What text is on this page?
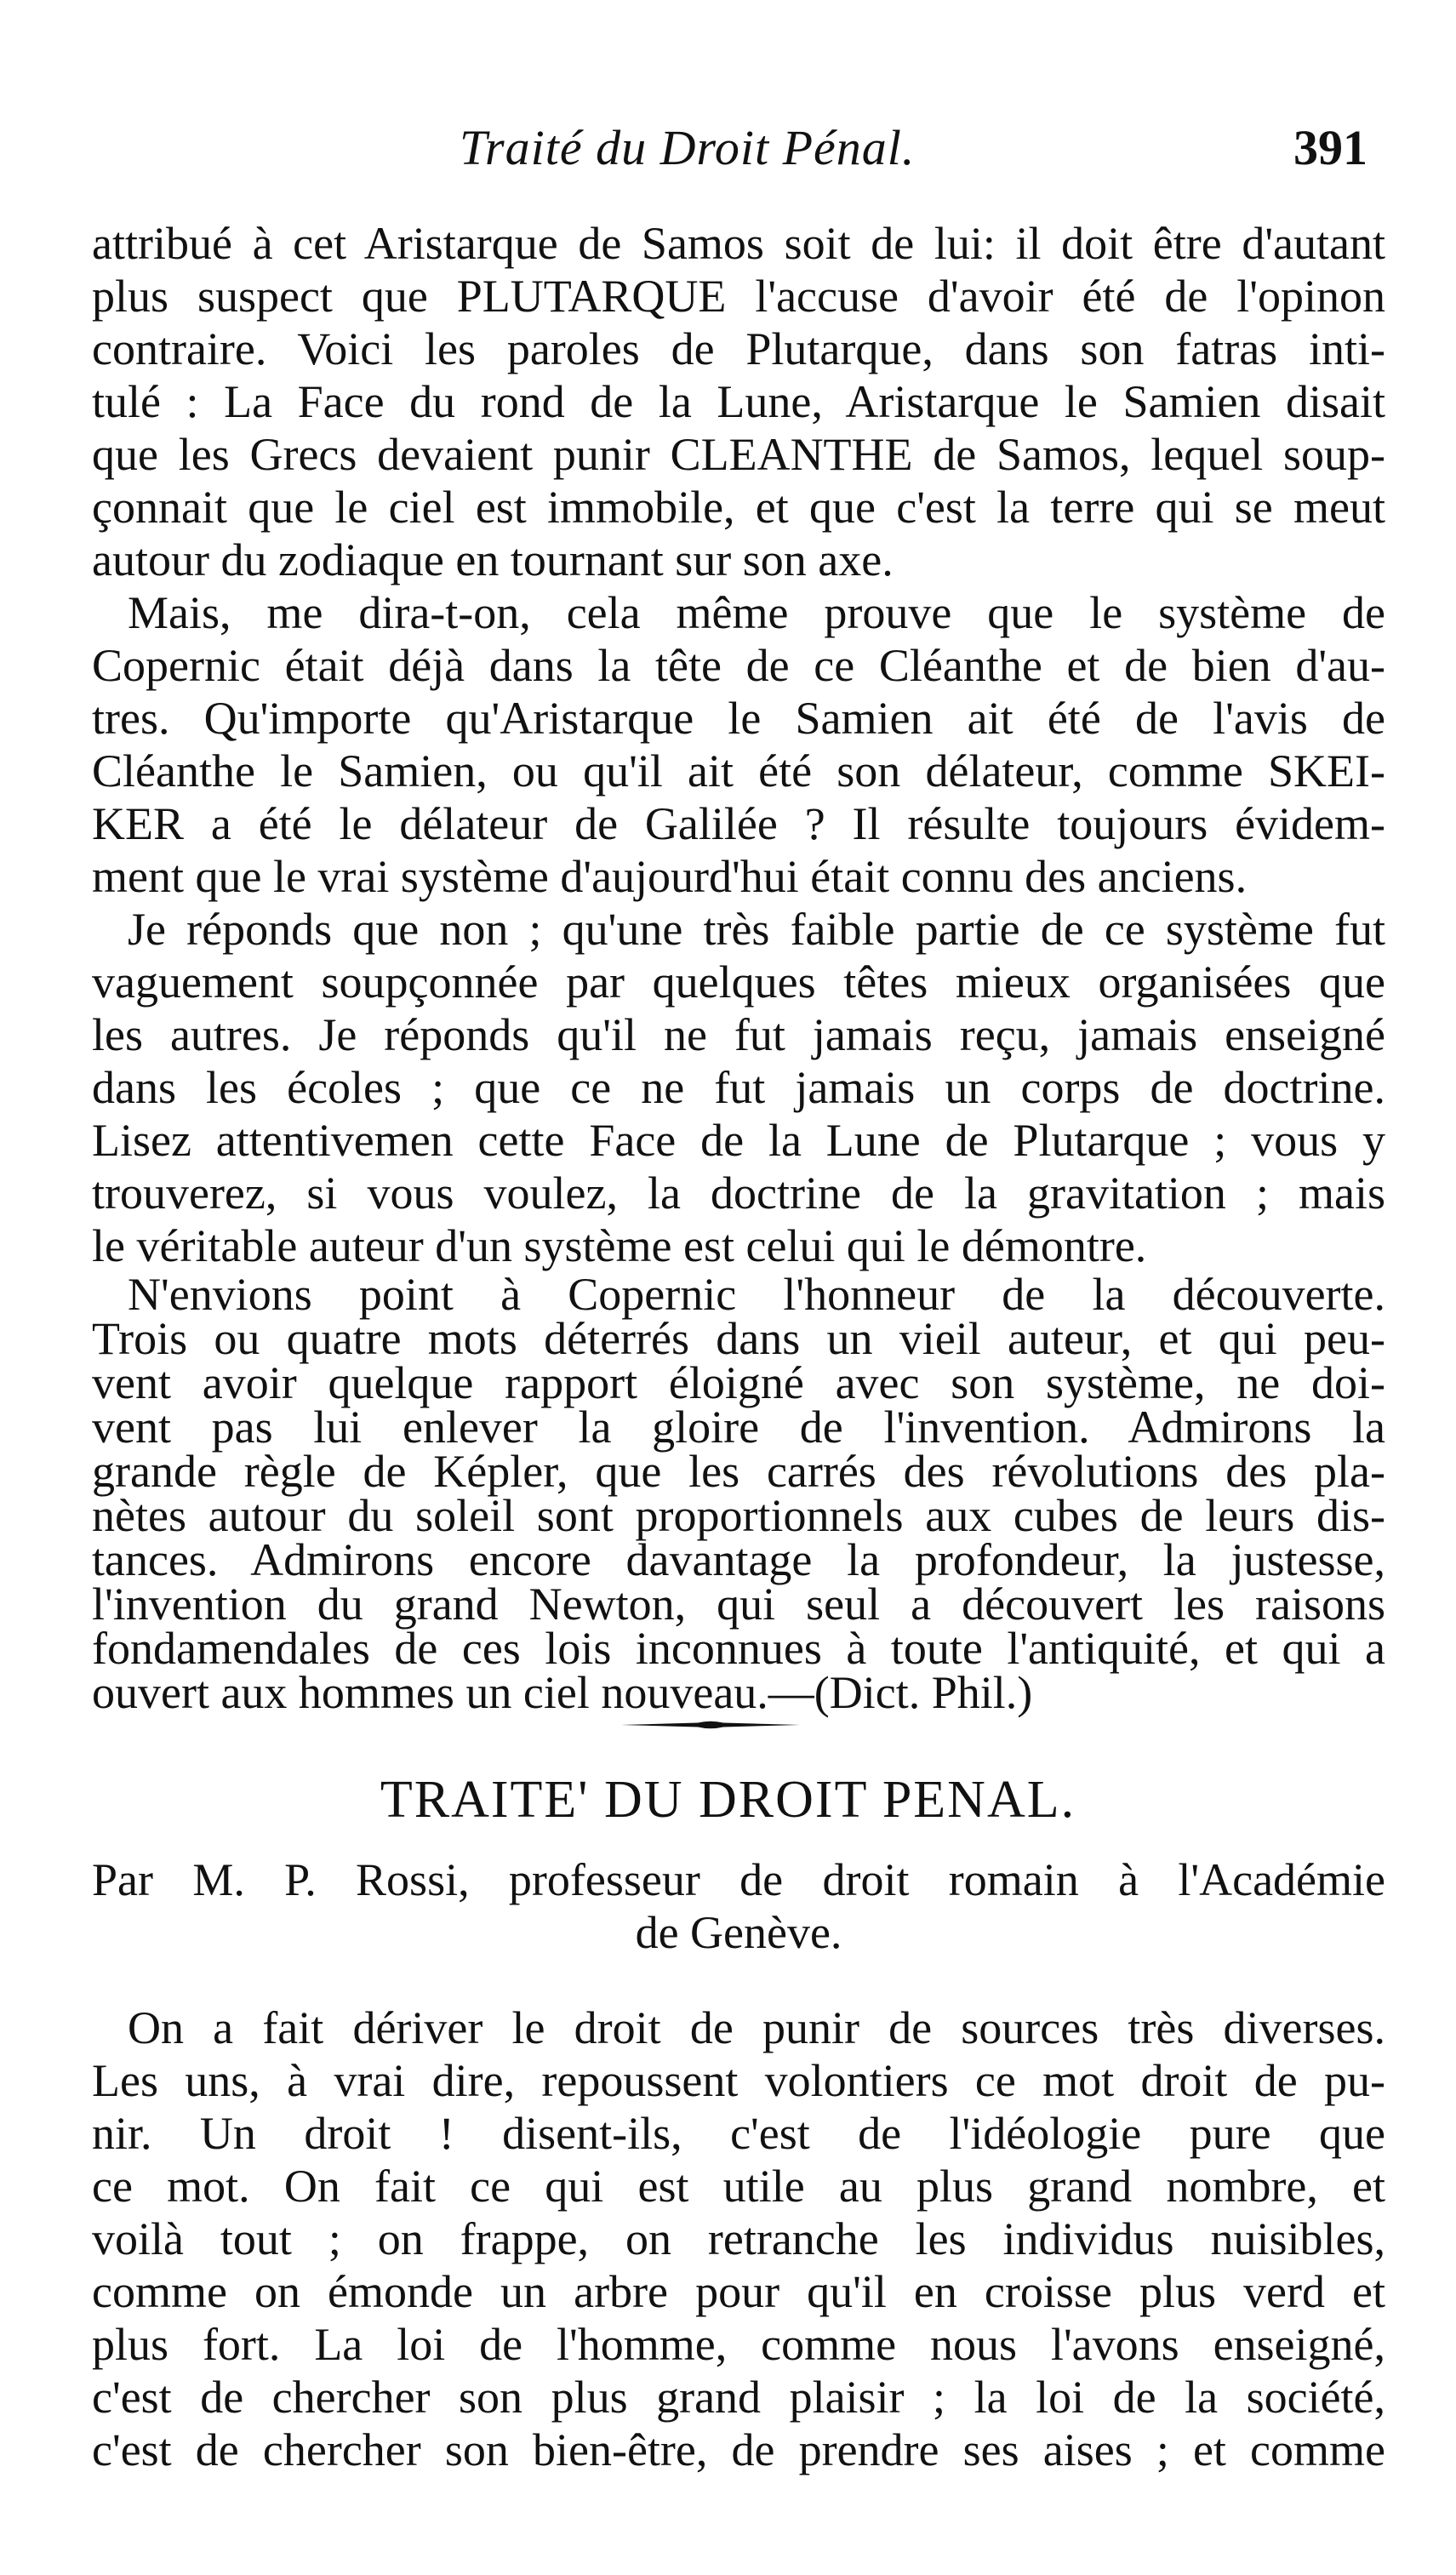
Traité du Droit Pénal.	391
attribué à cet Aristarque de Samos soit de lui: il doit être d'autant
plus suspect que PLUTARQUE l'accuse d'avoir été de l'opinon
contraire. Voici les paroles de Plutarque, dans son fatras inti-
tulé : La Face du rond de la Lune, Aristarque le Samien disait
que les Grecs devaient punir CLEANTHE de Samos, lequel soup-
çonnait que le ciel est immobile, et que c'est la terre qui se meut
autour du zodiaque en tournant sur son axe.
Mais, me dira-t-on, cela même prouve que le système de
Copernic était déjà dans la tête de ce Cléanthe et de bien d'au-
tres. Qu'importe qu'Aristarque le Samien ait été de l'avis de
Cléanthe le Samien, ou qu'il ait été son délateur, comme SKEI-
KER a été le délateur de Galilée ? Il résulte toujours évidem-
ment que le vrai système d'aujourd'hui était connu des anciens.
Je réponds que non ; qu'une très faible partie de ce système fut
vaguement soupçonnée par quelques têtes mieux organisées que
les autres. Je réponds qu'il ne fut jamais reçu, jamais enseigné
dans les écoles ; que ce ne fut jamais un corps de doctrine.
Lisez attentivemen cette Face de la Lune de Plutarque ; vous y
trouverez, si vous voulez, la doctrine de la gravitation ; mais
le véritable auteur d'un système est celui qui le démontre.
TRAITE' DU DROIT PENAL.
Par M. P. Rossi, professeur de droit romain à l'Académie
de Genève.
On a fait dériver le droit de punir de sources très diverses.
Les uns, à vrai dire, repoussent volontiers ce mot droit de pu-
nir. Un droit ! disent-ils, c'est de l'idéologie pure que
ce mot. On fait ce qui est utile au plus grand nombre, et
voilà tout ; on frappe, on retranche les individus nuisibles,
comme on émonde un arbre pour qu'il en croisse plus verd et
plus fort. La loi de l'homme, comme nous l'avons enseigné,
c'est de chercher son plus grand plaisir ; la loi de la société,
c'est de chercher son bien-être, de prendre ses aises ; et comme
N'envions point à Copernic l'honneur de la découverte.
Trois ou quatre mots déterrés dans un vieil auteur, et qui peu-
vent avoir quelque rapport éloigné avec son système, ne doi-
vent pas lui enlever la gloire de l'invention. Admirons la
grande règle de Képler, que les carrés des révolutions des pla-
nètes autour du soleil sont proportionnels aux cubes de leurs dis-
tances. Admirons encore davantage la profondeur, la justesse,
l'invention du grand Newton, qui seul a découvert les raisons
fondamendales de ces lois inconnues à toute l'antiquité, et qui a
ouvert aux hommes un ciel nouveau.—(Dict. Phil.)
